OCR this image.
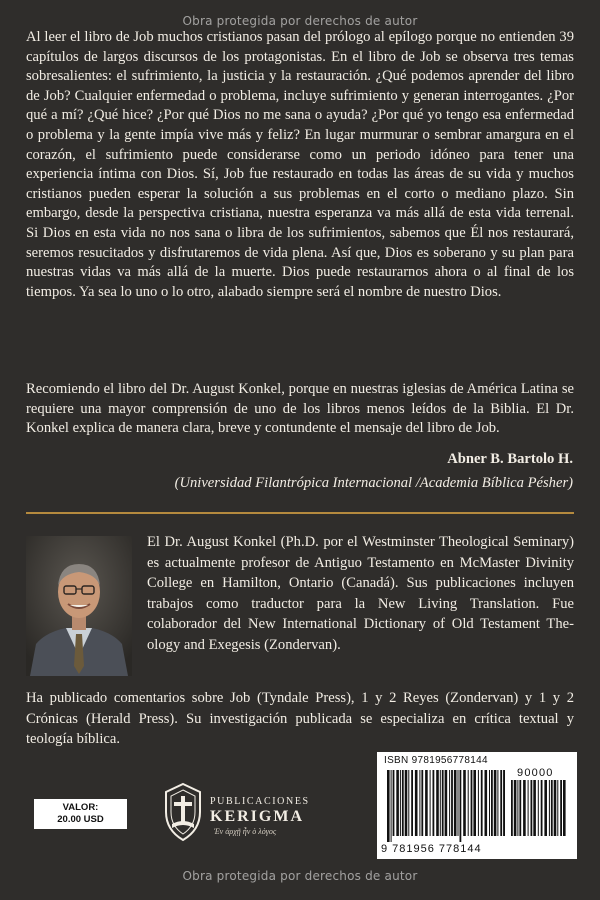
Obra protegida por derechos de autor
Al leer el libro de Job muchos cristianos pasan del prólogo al epílogo porque no entienden 39 capítulos de largos discursos de los protagonistas. En el libro de Job se observa tres temas sobresalientes: el sufrimiento, la justicia y la restauración. ¿Qué podemos aprender del libro de Job? Cualquier enfermedad o problema, incluye sufrimiento y generan interrogantes. ¿Por qué a mí? ¿Qué hice? ¿Por qué Dios no me sana o ayuda? ¿Por qué yo tengo esa enfermedad o problema y la gente impía vive más y feliz? En lugar murmurar o sembrar amargura en el corazón, el sufrimiento puede considerarse como un periodo idóneo para tener una experiencia íntima con Dios. Sí, Job fue restaurado en todas las áreas de su vida y muchos cristianos pueden esperar la solución a sus problemas en el corto o mediano plazo. Sin embargo, desde la perspectiva cristiana, nuestra esperanza va más allá de esta vida terrenal. Si Dios en esta vida no nos sana o libra de los sufrimientos, sabemos que Él nos restaurará, seremos resucitados y disfrutaremos de vida plena. Así que, Dios es soberano y su plan para nuestras vidas va más allá de la muerte. Dios puede restaurarnos ahora o al final de los tiempos. Ya sea lo uno o lo otro, alabado siempre será el nombre de nuestro Dios.
Recomiendo el libro del Dr. August Konkel, porque en nuestras iglesias de América Latina se requiere una mayor comprensión de uno de los libros menos leídos de la Biblia. El Dr. Konkel explica de manera clara, breve y contundente el mensaje del libro de Job.
Abner B. Bartolo H.
(Universidad Filantrópica Internacional /Academia Bíblica Pésher)
El Dr. August Konkel (Ph.D. por el Westminster Theological Seminary) es actualmente profesor de Antiguo Testamento en McMaster Divinity College en Hamilton, Ontario (Canadá). Sus publicaciones incluyen trabajos como traductor para la New Living Translation. Fue colaborador del New International Dictionary of Old Testament Theology and Exegesis (Zondervan).
Ha publicado comentarios sobre Job (Tyndale Press), 1 y 2 Reyes (Zondervan) y 1 y 2 Crónicas (Herald Press). Su investigación publicada se especializa en crítica textual y teología bíblica.
VALOR:
20.00 USD
PUBLICACIONES
KERIGMA
Ἐν ἀρχῇ ἦν ὁ λόγος
ISBN 9781956778144
90000
9 781956 778144
Obra protegida por derechos de autor
